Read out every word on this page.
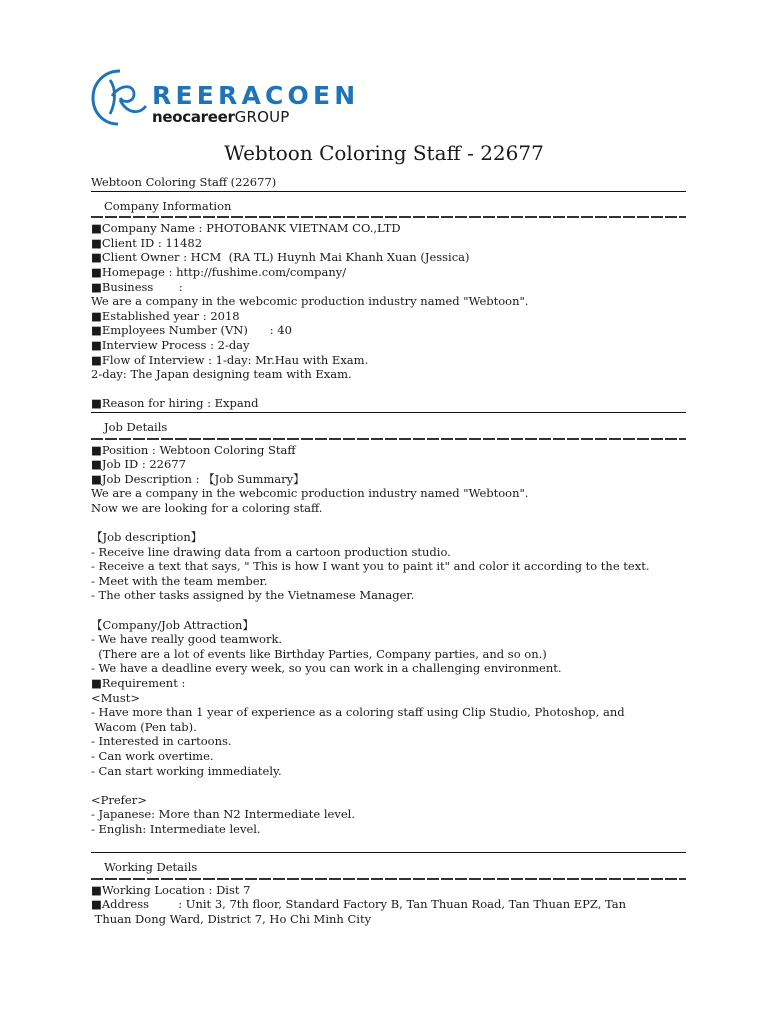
REERACOEN
neocareerGROUP
Webtoon Coloring Staff - 22677
Webtoon Coloring Staff (22677)
Company Information
■Company Name : PHOTOBANK VIETNAM CO.,LTD
■Client ID : 11482
■Client Owner : HCM  (RA TL) Huynh Mai Khanh Xuan (Jessica)
■Homepage : http://fushime.com/company/
■Business       :
We are a company in the webcomic production industry named "Webtoon".
■Established year : 2018
■Employees Number (VN)      : 40
■Interview Process : 2-day
■Flow of Interview : 1-day: Mr.Hau with Exam.
2-day: The Japan designing team with Exam.
■Reason for hiring : Expand
Job Details
■Position : Webtoon Coloring Staff
■Job ID : 22677
■Job Description : 【Job Summary】
We are a company in the webcomic production industry named "Webtoon".
Now we are looking for a coloring staff.
【Job description】
- Receive line drawing data from a cartoon production studio.
- Receive a text that says, " This is how I want you to paint it" and color it according to the text.
- Meet with the team member.
- The other tasks assigned by the Vietnamese Manager.
【Company/Job Attraction】
- We have really good teamwork.
(There are a lot of events like Birthday Parties, Company parties, and so on.)
- We have a deadline every week, so you can work in a challenging environment.
■Requirement :
<Must>
- Have more than 1 year of experience as a coloring staff using Clip Studio, Photoshop, and
Wacom (Pen tab).
- Interested in cartoons.
- Can work overtime.
- Can start working immediately.
<Prefer>
- Japanese: More than N2 Intermediate level.
- English: Intermediate level.
Working Details
■Working Location : Dist 7
■Address        : Unit 3, 7th floor, Standard Factory B, Tan Thuan Road, Tan Thuan EPZ, Tan
Thuan Dong Ward, District 7, Ho Chi Minh City
